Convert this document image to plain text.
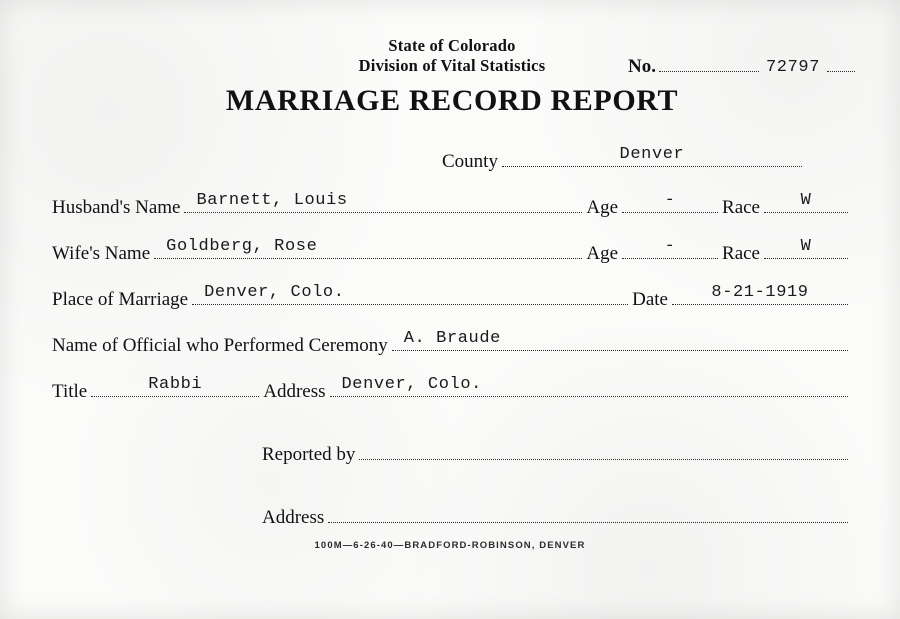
State of Colorado
Division of Vital Statistics
MARRIAGE RECORD REPORT
No.	72797
County	Denver
Husband's Name Barnett, Louis	Age	- Race W
Wife's Name Goldberg, Rose	Age	- Race W
Place of Marriage Denver, Colo.	Date	8-21-1919
Name of Official who Performed Ceremony A. Braude
Title	Rabbi	Address Denver, Colo.
Reported by
Address
100M—6-26-40—BRADFORD-ROBINSON, DENVER
